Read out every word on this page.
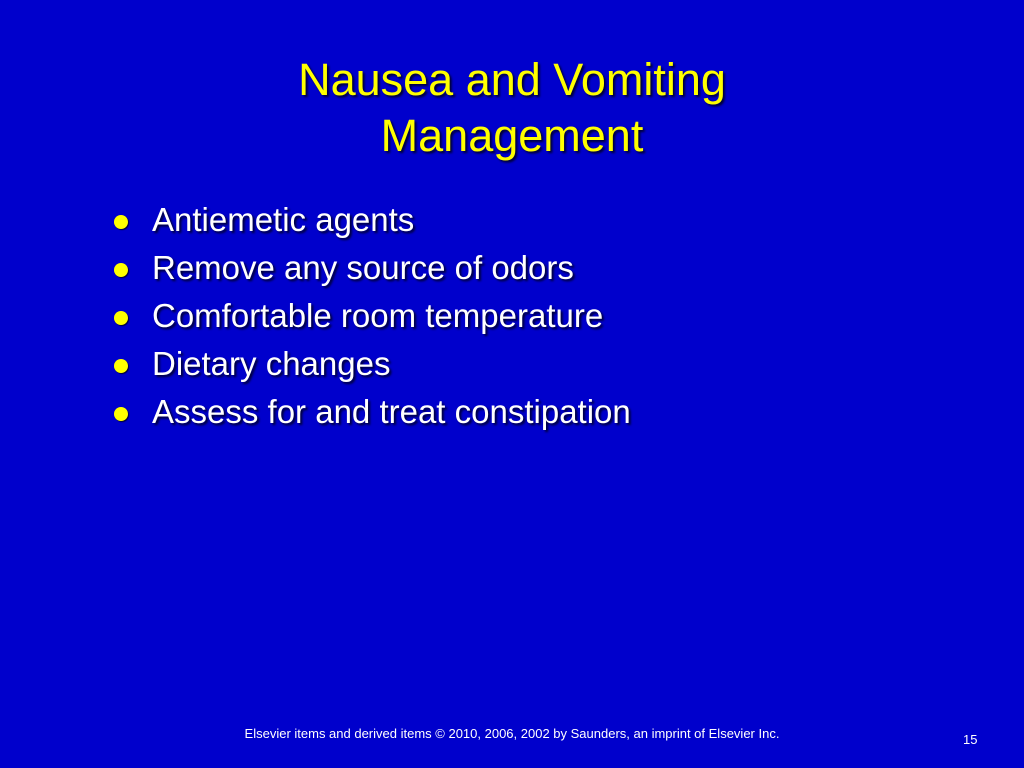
Nausea and Vomiting
Management
Antiemetic agents
Remove any source of odors
Comfortable room temperature
Dietary changes
Assess for and treat constipation
Elsevier items and derived items © 2010, 2006, 2002 by Saunders, an imprint of Elsevier Inc.	15
